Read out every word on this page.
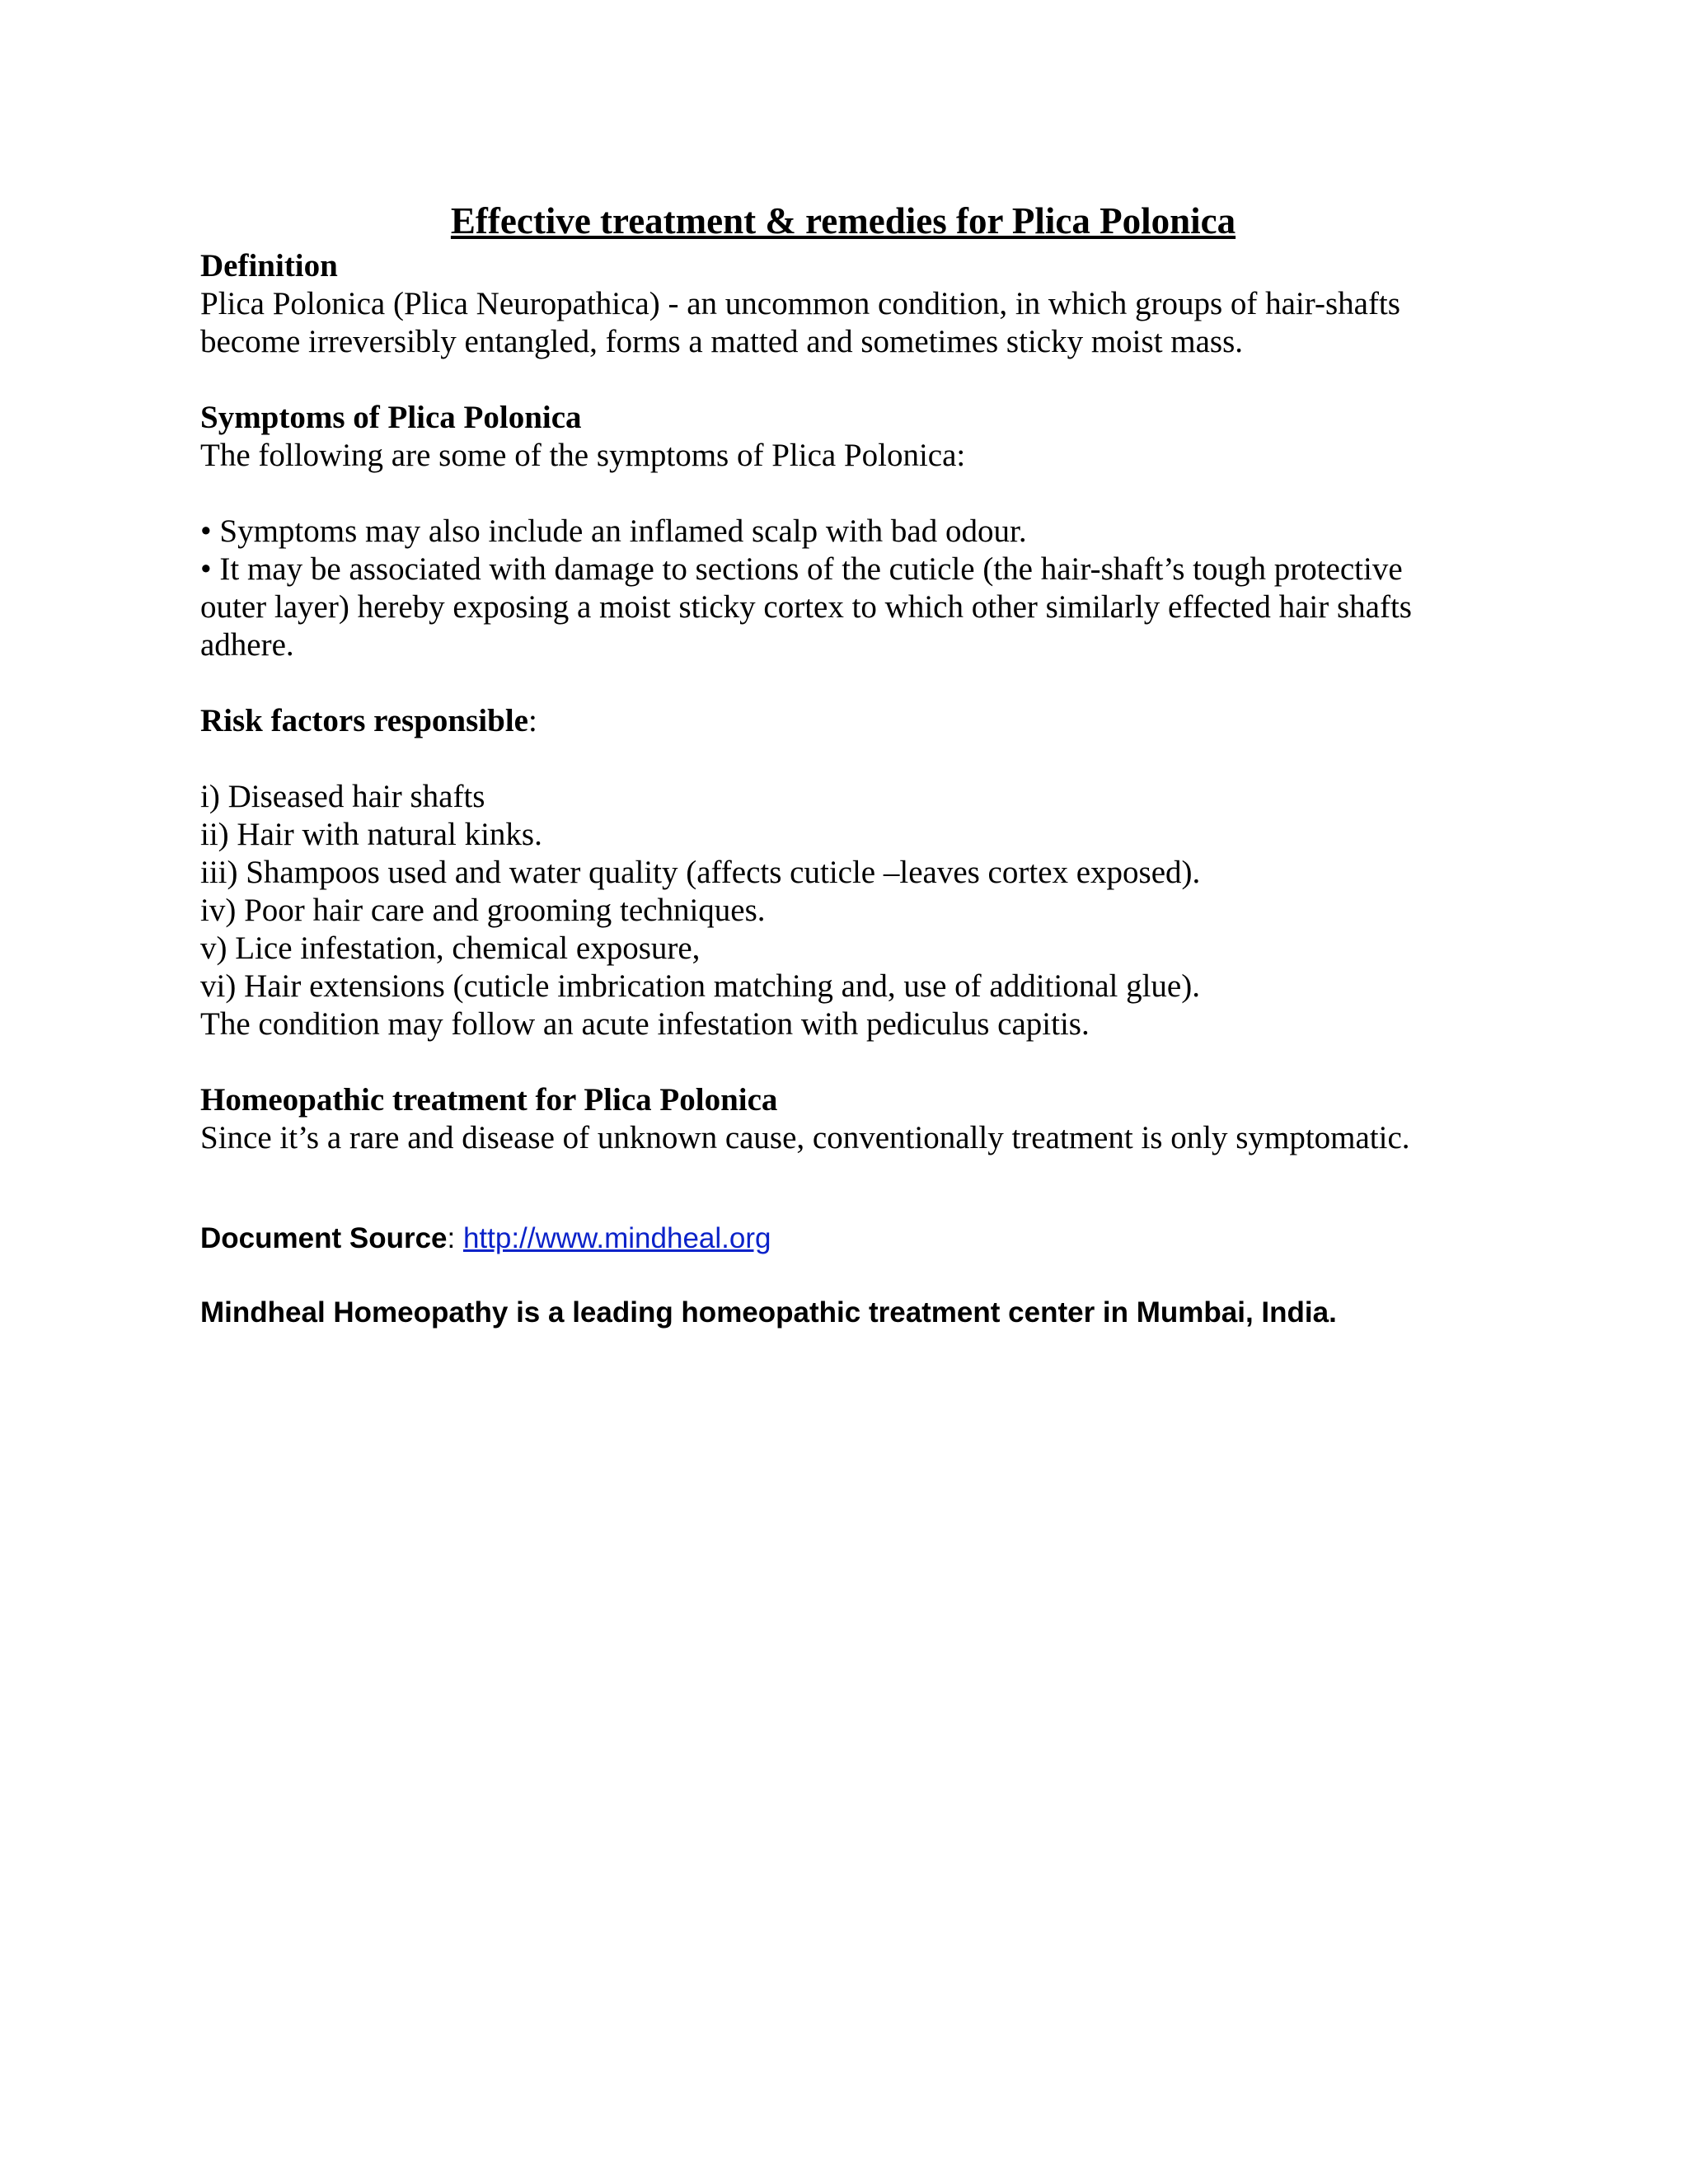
Effective treatment & remedies for Plica Polonica

Definition

Plica Polonica (Plica Neuropathica) - an uncommon condition, in which groups of hair-shafts

become irreversibly entangled, forms a matted and sometimes sticky moist mass.

Symptoms of Plica Polonica

The following are some of the symptoms of Plica Polonica:

• Symptoms may also include an inflamed scalp with bad odour.

• It may be associated with damage to sections of the cuticle (the hair-shaft’s tough protective

outer layer) hereby exposing a moist sticky cortex to which other similarly effected hair shafts

adhere.

Risk factors responsible:

i) Diseased hair shafts

ii) Hair with natural kinks.

iii) Shampoos used and water quality (affects cuticle –leaves cortex exposed).

iv) Poor hair care and grooming techniques.

v) Lice infestation, chemical exposure,

vi) Hair extensions (cuticle imbrication matching and, use of additional glue).

The condition may follow an acute infestation with pediculus capitis.

Homeopathic treatment for Plica Polonica

Since it’s a rare and disease of unknown cause, conventionally treatment is only symptomatic.

Document Source: http://www.mindheal.org
Mindheal Homeopathy is a leading homeopathic treatment center in Mumbai, India.
